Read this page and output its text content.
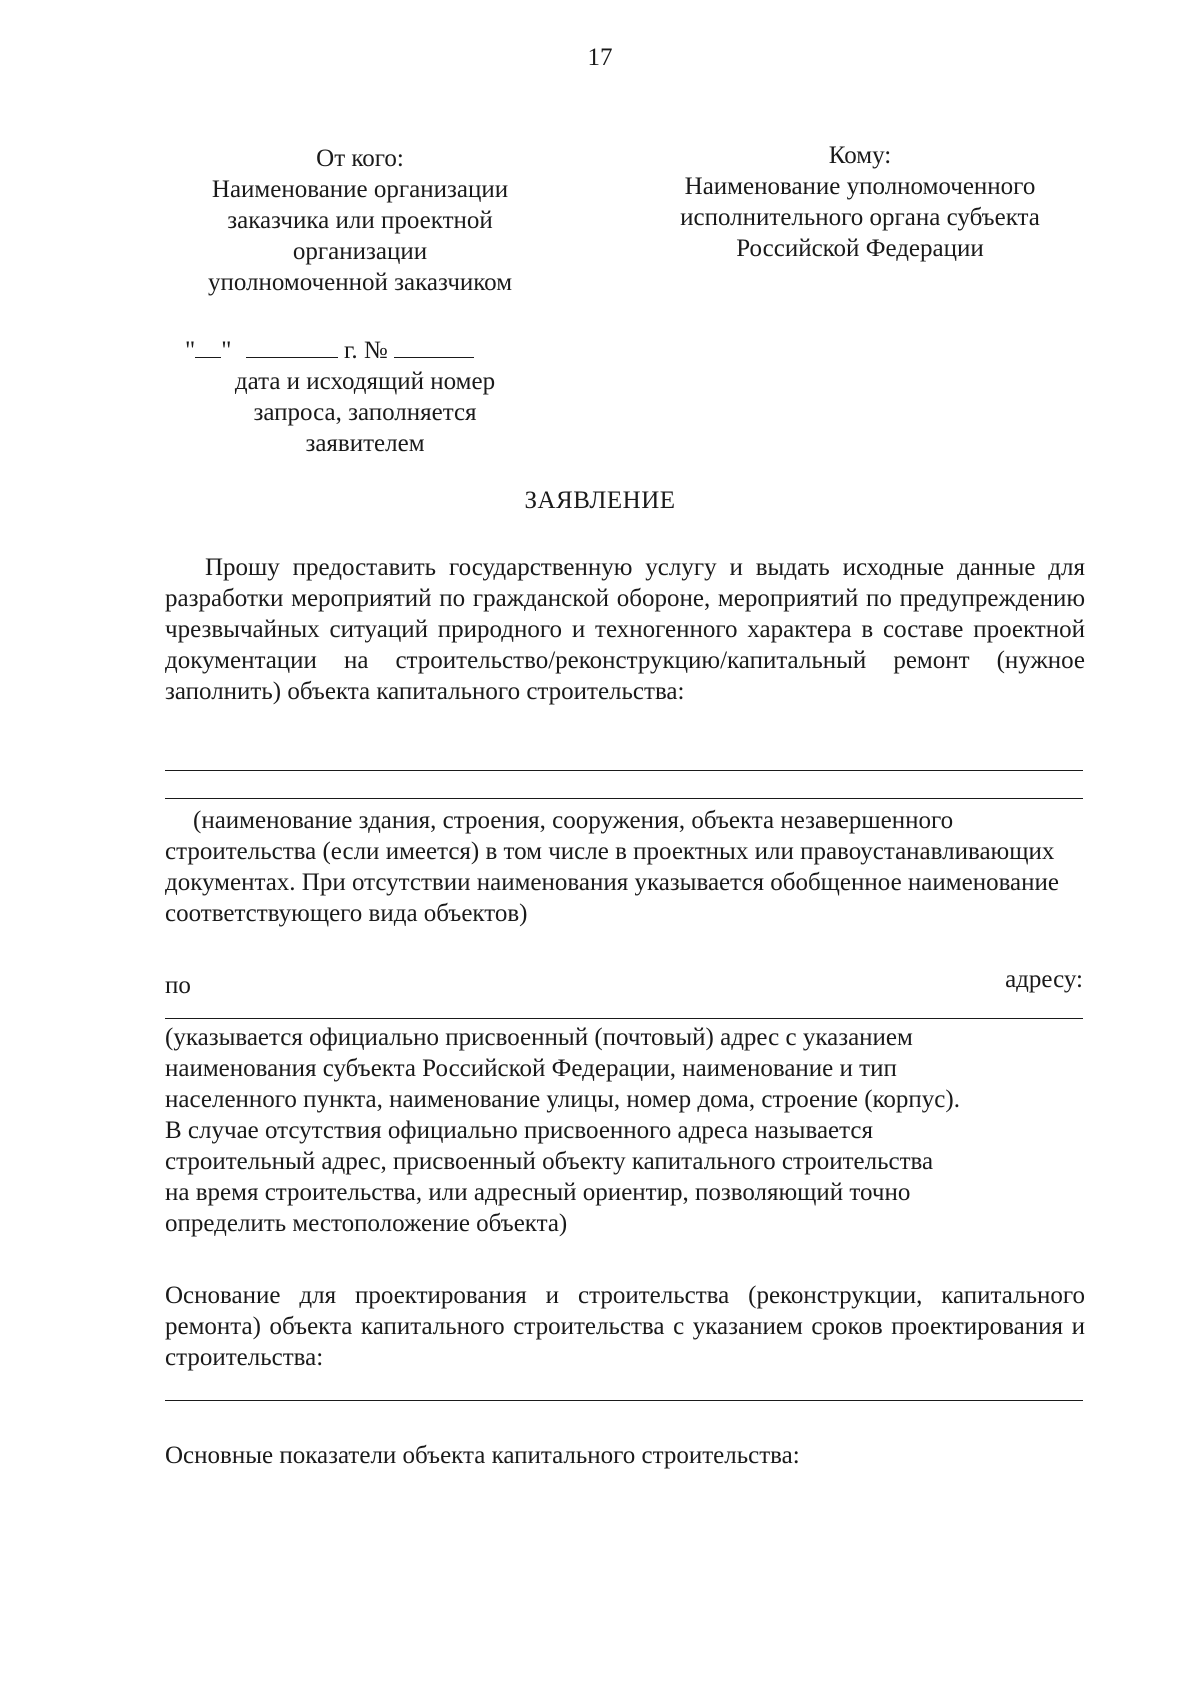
17
От кого:
Наименование организации
заказчика или проектной
организации
уполномоченной заказчиком
Кому:
Наименование уполномоченного
исполнительного органа субъекта
Российской Федерации
" "	г. №
дата и исходящий номер
запроса, заполняется
заявителем
ЗАЯВЛЕНИЕ
Прошу предоставить государственную услугу и выдать исходные данные для разработки мероприятий по гражданской обороне, мероприятий по предупреждению чрезвычайных ситуаций природного и техногенного характера в составе проектной документации на строительство/реконструкцию/капитальный ремонт (нужное заполнить) объекта капитального строительства:
(наименование здания, строения, сооружения, объекта незавершенного строительства (если имеется) в том числе в проектных или правоустанавливающих документах. При отсутствии наименования указывается обобщенное наименование соответствующего вида объектов)
по	адресу:
(указывается официально присвоенный (почтовый) адрес с указанием
наименования субъекта Российской Федерации, наименование и тип
населенного пункта, наименование улицы, номер дома, строение (корпус).
В случае отсутствия официально присвоенного адреса называется
строительный адрес, присвоенный объекту капитального строительства
на время строительства, или адресный ориентир, позволяющий точно
определить местоположение объекта)
Основание для проектирования и строительства (реконструкции, капитального ремонта) объекта капитального строительства с указанием сроков проектирования и строительства:
Основные показатели объекта капитального строительства:
